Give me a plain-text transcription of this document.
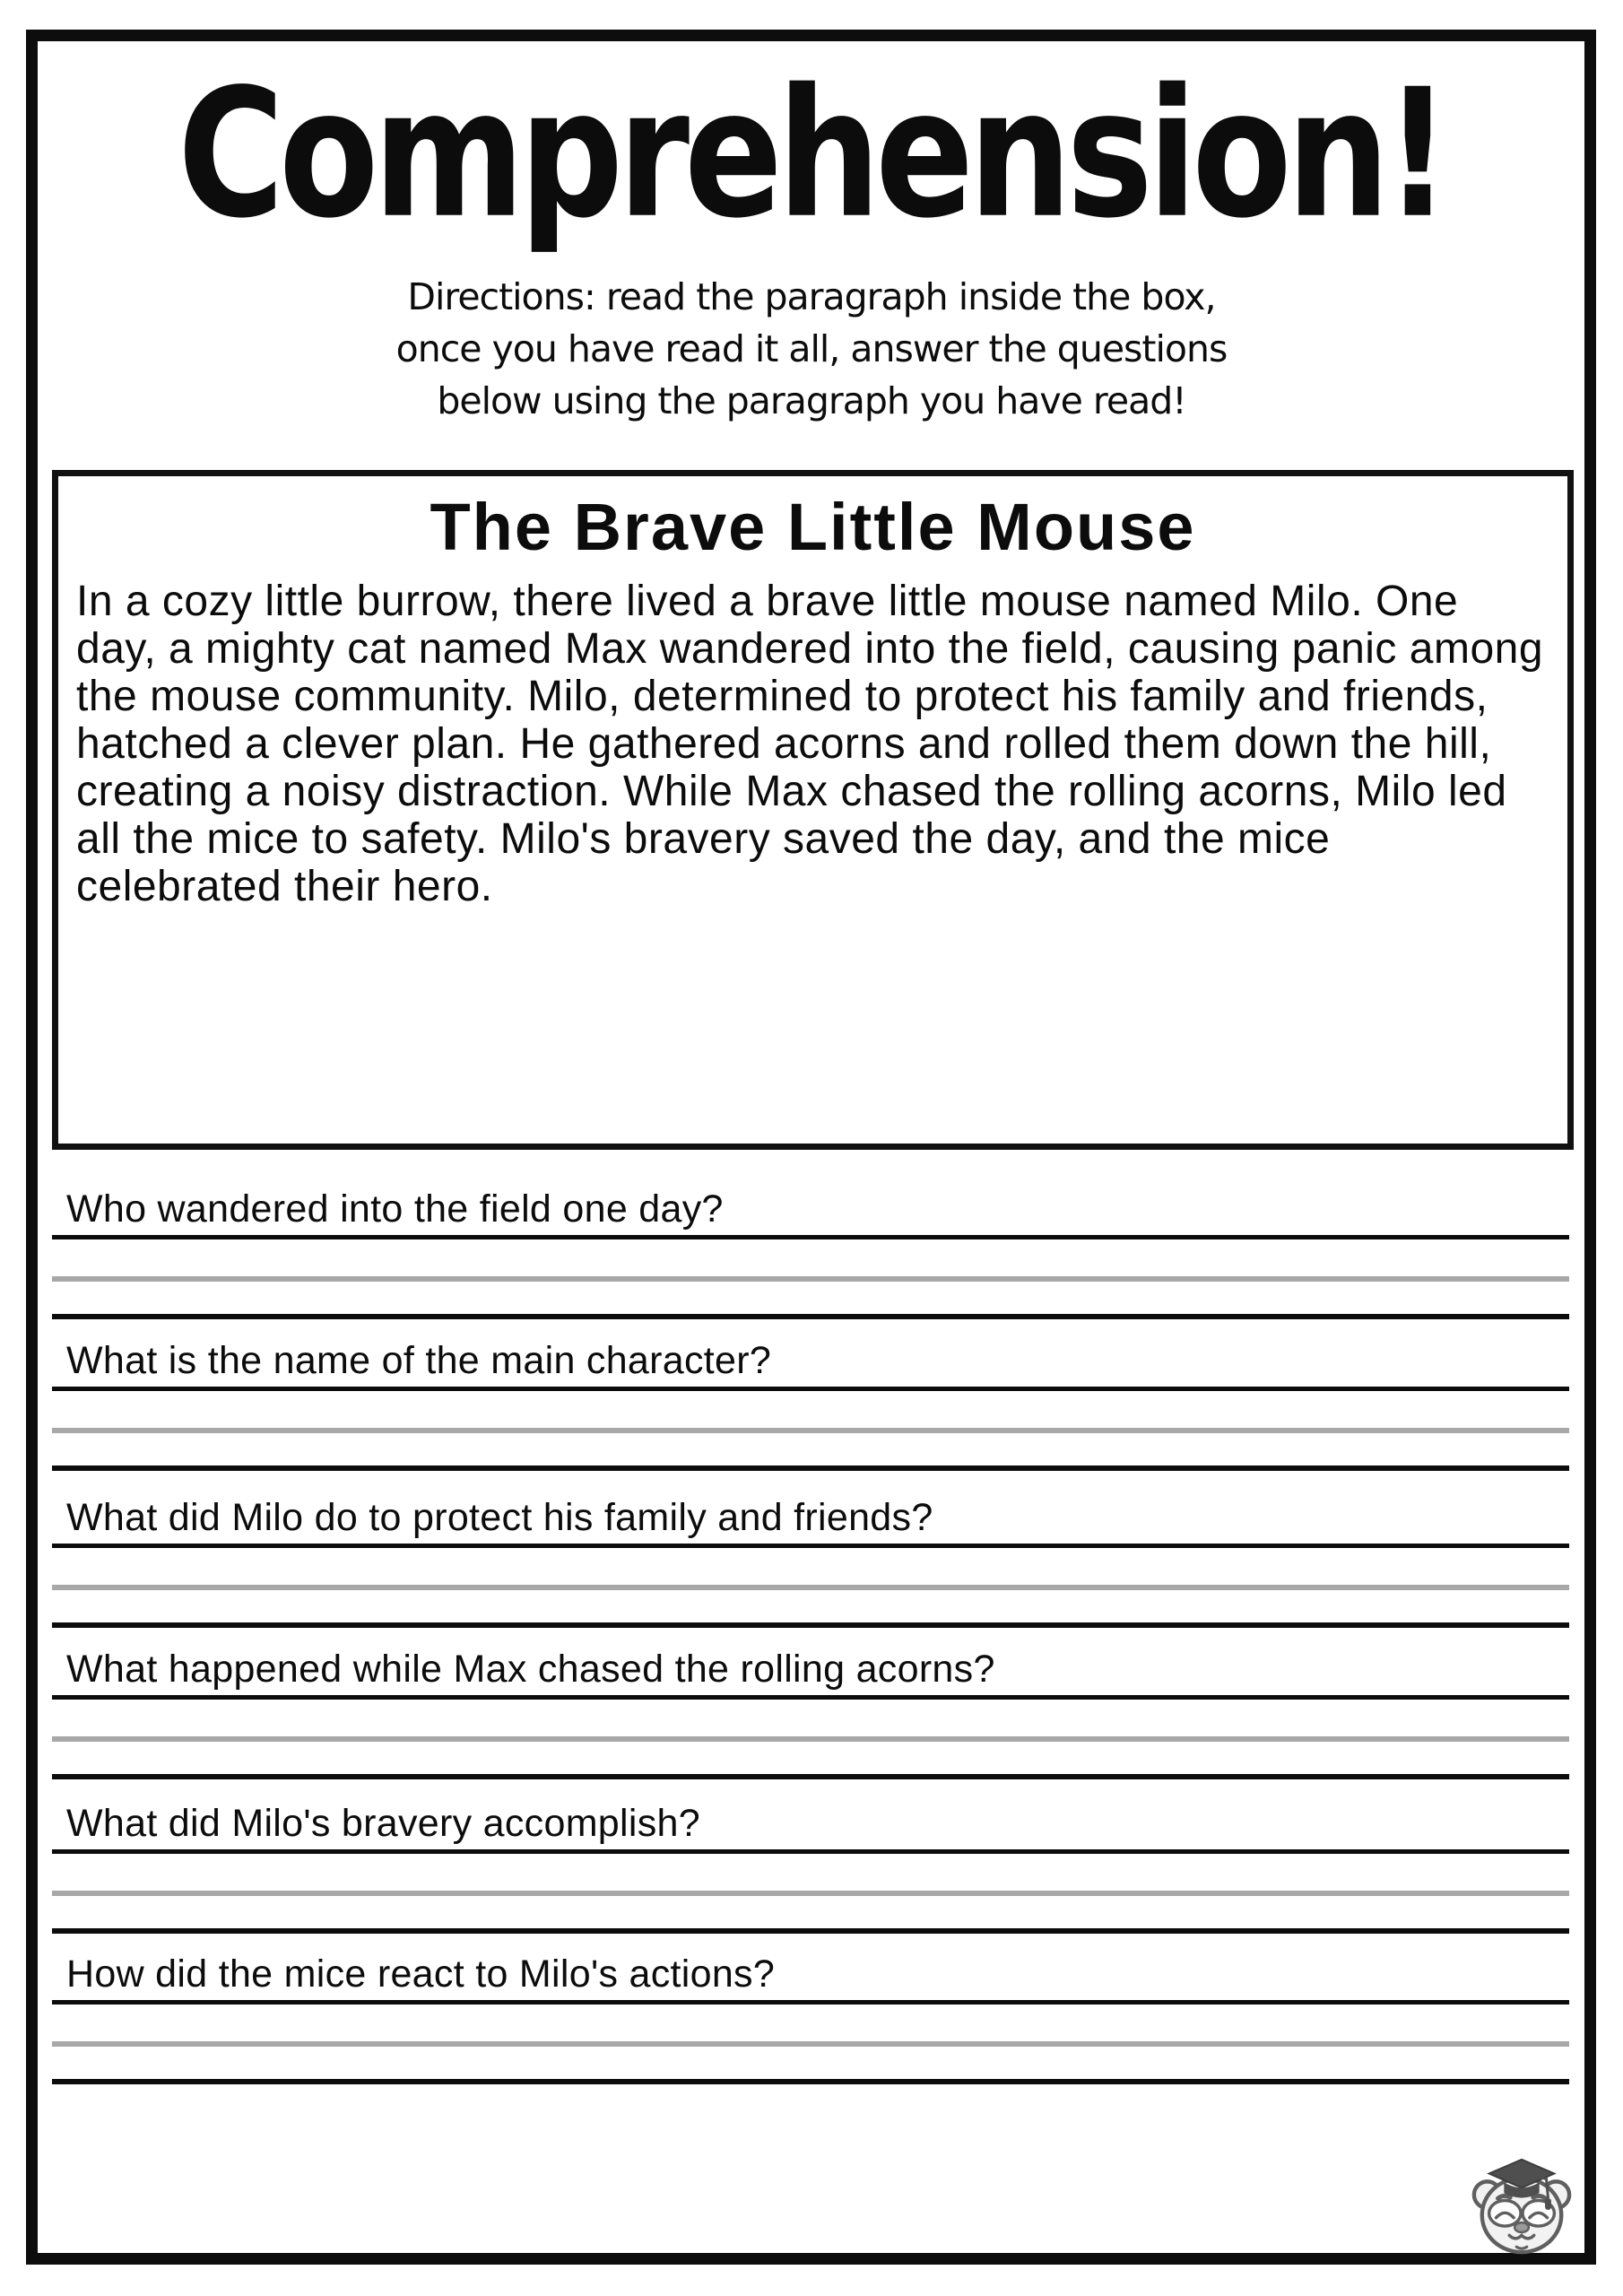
Comprehension!
Directions: read the paragraph inside the box,
once you have read it all, answer the questions
below using the paragraph you have read!
The Brave Little Mouse

In a cozy little burrow, there lived a brave little mouse named Milo. One day, a mighty cat named Max wandered into the field, causing panic among the mouse community. Milo, determined to protect his family and friends, hatched a clever plan. He gathered acorns and rolled them down the hill, creating a noisy distraction. While Max chased the rolling acorns, Milo led all the mice to safety. Milo's bravery saved the day, and the mice celebrated their hero.

Who wandered into the field one day?
What is the name of the main character?
What did Milo do to protect his family and friends?
What happened while Max chased the rolling acorns?
What did Milo's bravery accomplish?
How did the mice react to Milo's actions?
